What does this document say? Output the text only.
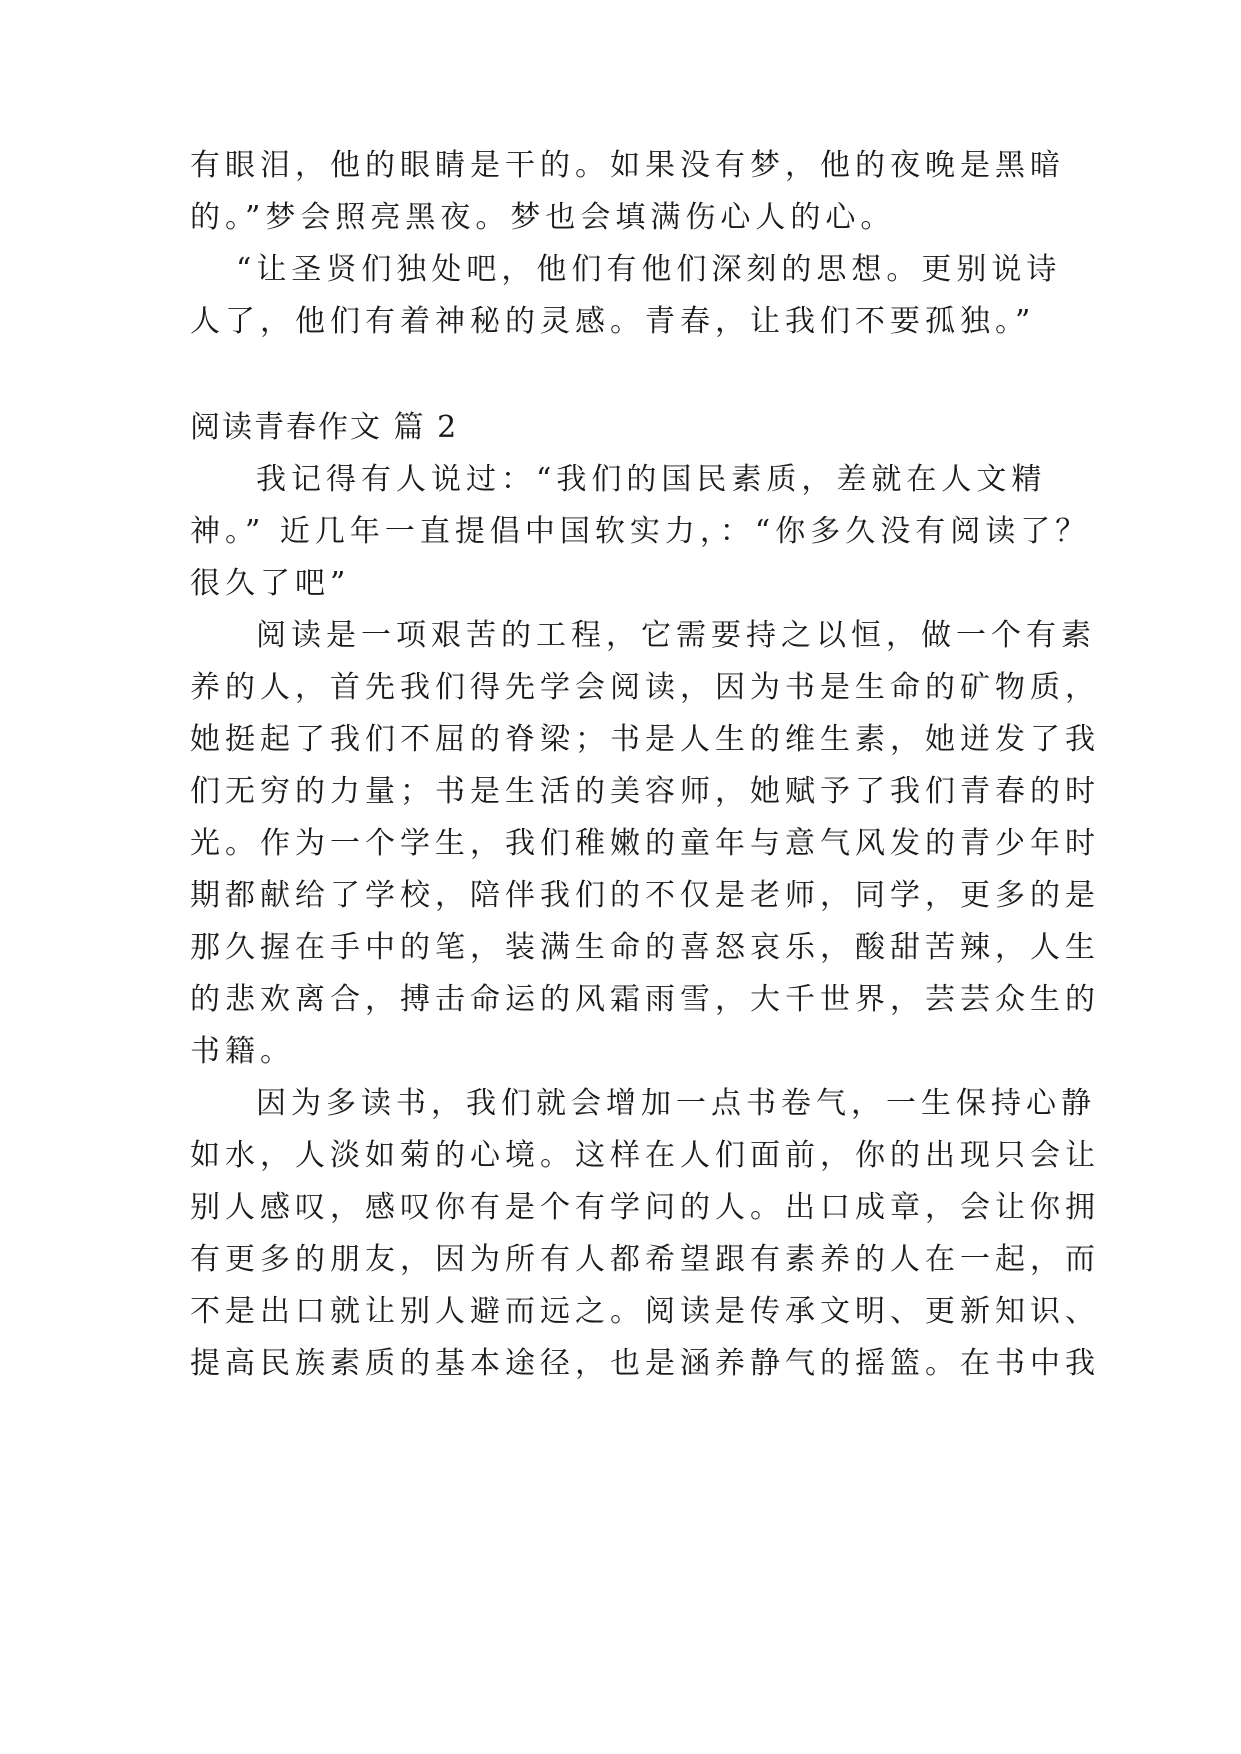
有眼泪，他的眼睛是干的。如果没有梦，他的夜晚是黑暗
的。”梦会照亮黑夜。梦也会填满伤心人的心。
“让圣贤们独处吧，他们有他们深刻的思想。更别说诗
人了，他们有着神秘的灵感。青春，让我们不要孤独。”
阅读青春作文 篇 2
我记得有人说过：“我们的国民素质，差就在人文精
神。” 近几年一直提倡中国软实力，：“你多久没有阅读了？
很久了吧”
阅读是一项艰苦的工程，它需要持之以恒，做一个有素
养的人，首先我们得先学会阅读，因为书是生命的矿物质，
她挺起了我们不屈的脊梁；书是人生的维生素，她迸发了我
们无穷的力量；书是生活的美容师，她赋予了我们青春的时
光。作为一个学生，我们稚嫩的童年与意气风发的青少年时
期都献给了学校，陪伴我们的不仅是老师，同学，更多的是
那久握在手中的笔，装满生命的喜怒哀乐，酸甜苦辣，人生
的悲欢离合，搏击命运的风霜雨雪，大千世界，芸芸众生的
书籍。
因为多读书，我们就会增加一点书卷气，一生保持心静
如水，人淡如菊的心境。这样在人们面前，你的出现只会让
别人感叹，感叹你有是个有学问的人。出口成章，会让你拥
有更多的朋友，因为所有人都希望跟有素养的人在一起，而
不是出口就让别人避而远之。阅读是传承文明、更新知识、
提高民族素质的基本途径，也是涵养静气的摇篮。在书中我
